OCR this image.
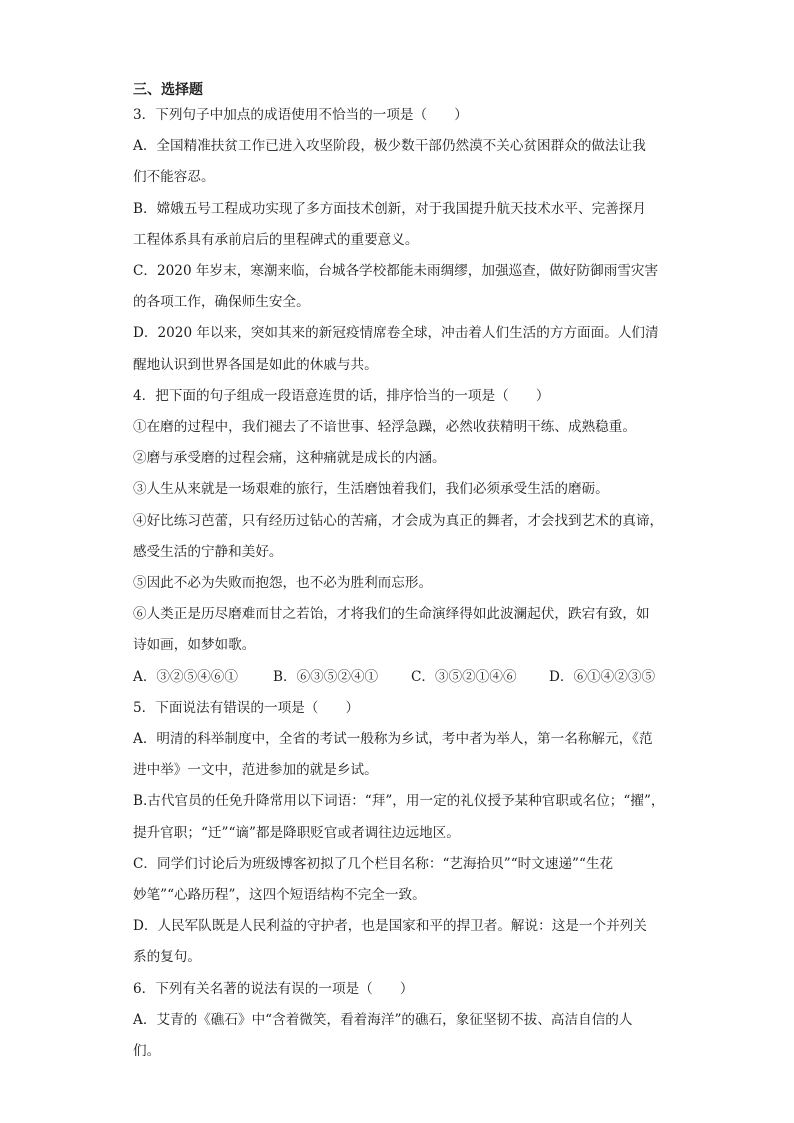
三、选择题

3．下列句子中加点的成语使用不恰当的一项是（　　）

A．全国精准扶贫工作已进入攻坚阶段，极少数干部仍然漠不关心贫困群众的做法让我

们不能容忍。

B．嫦娥五号工程成功实现了多方面技术创新，对于我国提升航天技术水平、完善探月

工程体系具有承前启后的里程碑式的重要意义。

C．2020 年岁末，寒潮来临，台城各学校都能未雨绸缪，加强巡查，做好防御雨雪灾害

的各项工作，确保师生安全。

D．2020 年以来，突如其来的新冠疫情席卷全球，冲击着人们生活的方方面面。人们清

醒地认识到世界各国是如此的休戚与共。

4．把下面的句子组成一段语意连贯的话，排序恰当的一项是（　　）

①在磨的过程中，我们褪去了不谙世事、轻浮急躁，必然收获精明干练、成熟稳重。

②磨与承受磨的过程会痛，这种痛就是成长的内涵。

③人生从来就是一场艰难的旅行，生活磨蚀着我们，我们必须承受生活的磨砺。

④好比练习芭蕾，只有经历过钻心的苦痛，才会成为真正的舞者，才会找到艺术的真谛，

感受生活的宁静和美好。

⑤因此不必为失败而抱怨，也不必为胜利而忘形。

⑥人类正是历尽磨难而甘之若饴，才将我们的生命演绎得如此波澜起伏，跌宕有致，如

诗如画，如梦如歌。

A．③②⑤④⑥①	B．⑥③⑤②④①	C．③⑤②①④⑥	D．⑥①④②③⑤

5．下面说法有错误的一项是（　　）

A．明清的科举制度中，全省的考试一般称为乡试，考中者为举人，第一名称解元，《范

进中举》一文中，范进参加的就是乡试。

B.古代官员的任免升降常用以下词语：“拜”，用一定的礼仪授予某种官职或名位；“擢”，

提升官职；“迁”“谪”都是降职贬官或者调往边远地区。

C．同学们讨论后为班级博客初拟了几个栏目名称：“艺海拾贝”“时文速递”“生花

妙笔”“心路历程”，这四个短语结构不完全一致。

D．人民军队既是人民利益的守护者，也是国家和平的捍卫者。解说：这是一个并列关

系的复句。

6．下列有关名著的说法有误的一项是（　　）

A．艾青的《礁石》中“含着微笑，看着海洋”的礁石，象征坚韧不拔、高洁自信的人

们。
